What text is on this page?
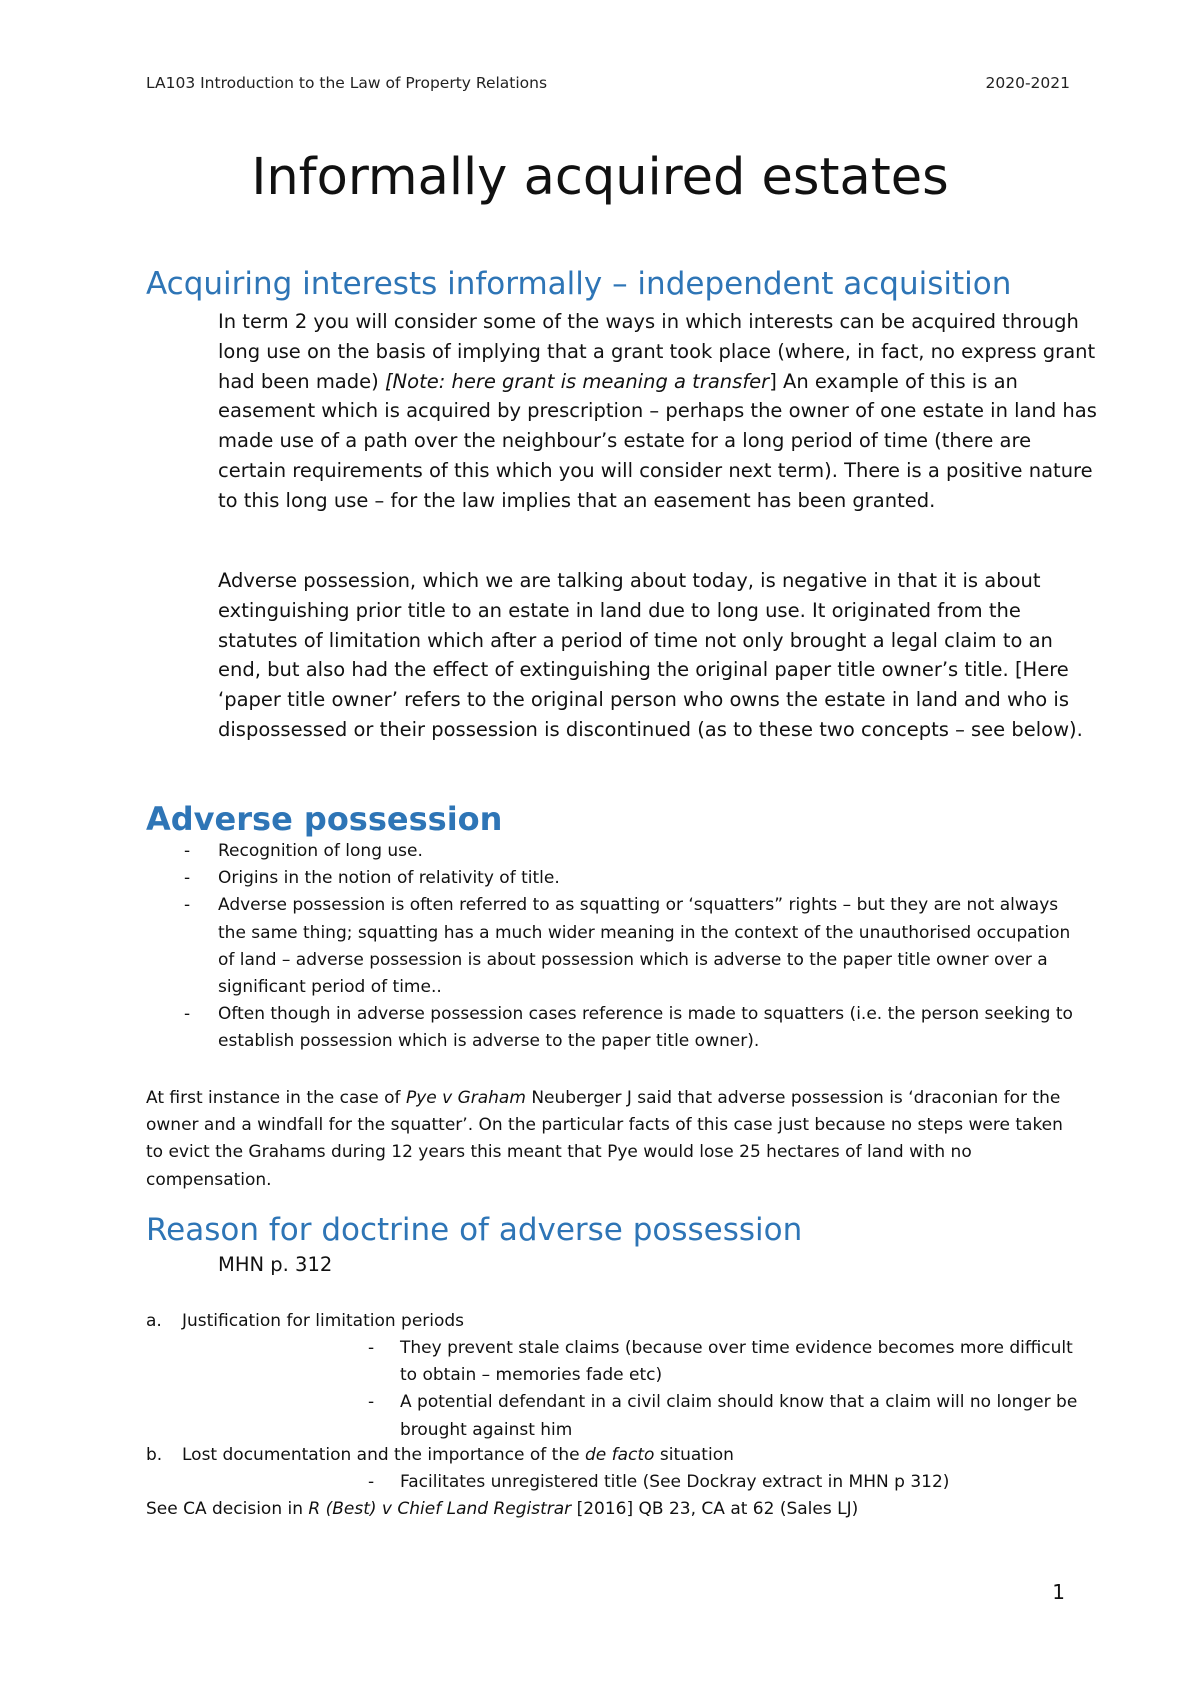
LA103 Introduction to the Law of Property Relations	2020-2021
Informally acquired estates
Acquiring interests informally – independent acquisition

In term 2 you will consider some of the ways in which interests can be acquired through long use on the basis of implying that a grant took place (where, in fact, no express grant had been made) [Note: here grant is meaning a transfer] An example of this is an easement which is acquired by prescription – perhaps the owner of one estate in land has made use of a path over the neighbour’s estate for a long period of time (there are certain requirements of this which you will consider next term). There is a positive nature to this long use – for the law implies that an easement has been granted.

Adverse possession, which we are talking about today, is negative in that it is about extinguishing prior title to an estate in land due to long use. It originated from the statutes of limitation which after a period of time not only brought a legal claim to an end, but also had the effect of extinguishing the original paper title owner’s title. [Here ‘paper title owner’ refers to the original person who owns the estate in land and who is dispossessed or their possession is discontinued (as to these two concepts – see below).

Adverse possession
- Recognition of long use.
- Origins in the notion of relativity of title.
- Adverse possession is often referred to as squatting or ‘squatters” rights – but they are not always the same thing; squatting has a much wider meaning in the context of the unauthorised occupation of land – adverse possession is about possession which is adverse to the paper title owner over a significant period of time..
- Often though in adverse possession cases reference is made to squatters (i.e. the person seeking to establish possession which is adverse to the paper title owner).

At first instance in the case of Pye v Graham Neuberger J said that adverse possession is ‘draconian for the owner and a windfall for the squatter’. On the particular facts of this case just because no steps were taken to evict the Grahams during 12 years this meant that Pye would lose 25 hectares of land with no compensation.

Reason for doctrine of adverse possession

MHN p. 312

a. Justification for limitation periods

- They prevent stale claims (because over time evidence becomes more difficult to obtain – memories fade etc)
- A potential defendant in a civil claim should know that a claim will no longer be brought against him

b. Lost documentation and the importance of the de facto situation

- Facilitates unregistered title (See Dockray extract in MHN p 312)

See CA decision in R (Best) v Chief Land Registrar [2016] QB 23, CA at 62 (Sales LJ)

1
